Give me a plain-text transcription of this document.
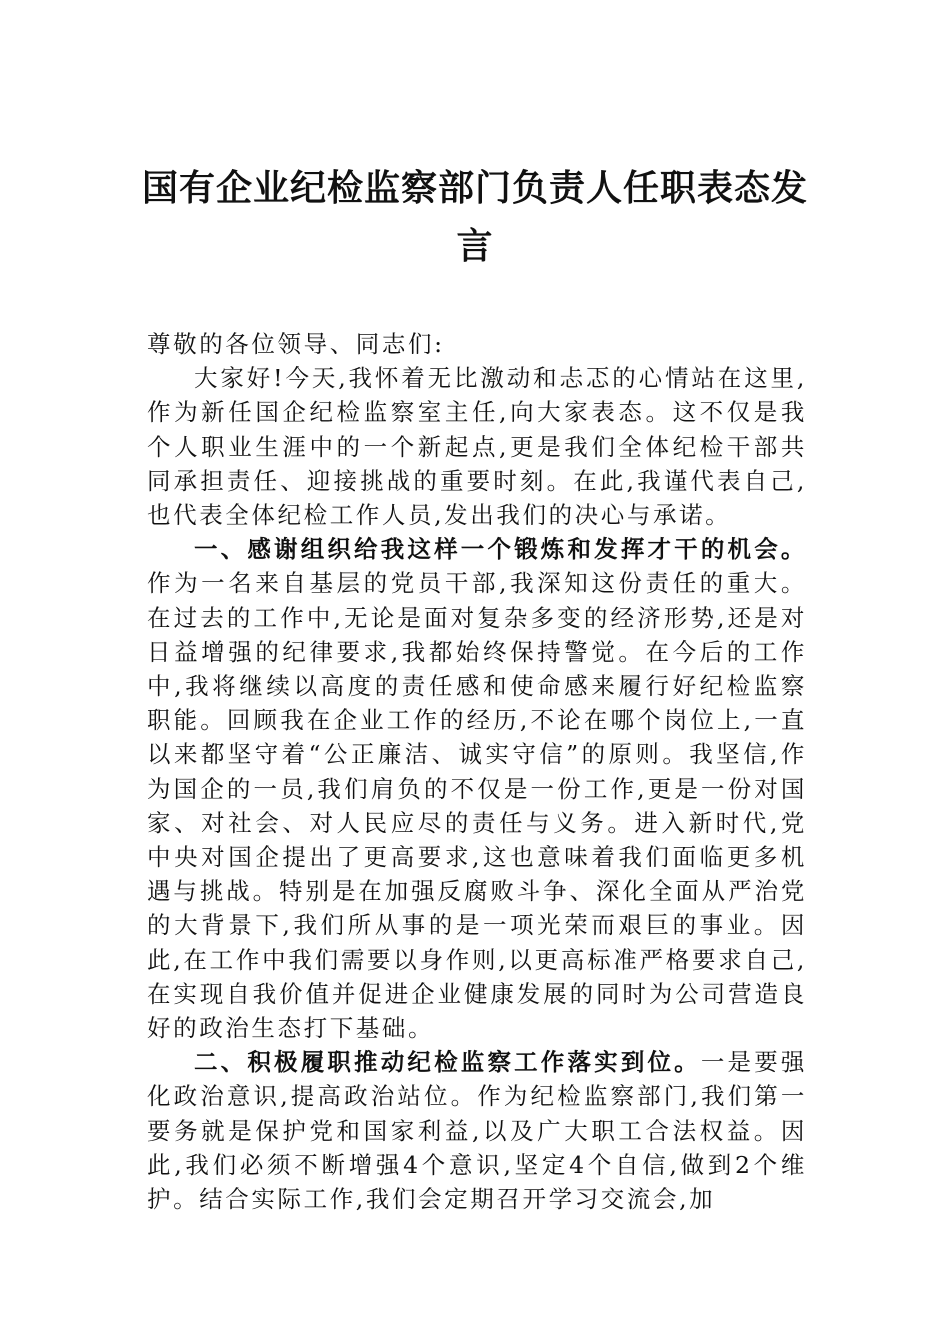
国有企业纪检监察部门负责人任职表态发言

尊敬的各位领导、同志们:

大家好!今天,我怀着无比激动和忐忑的心情站在这里,作为新任国企纪检监察室主任,向大家表态。这不仅是我个人职业生涯中的一个新起点,更是我们全体纪检干部共同承担责任、迎接挑战的重要时刻。在此,我谨代表自己,也代表全体纪检工作人员,发出我们的决心与承诺。

一、感谢组织给我这样一个锻炼和发挥才干的机会。作为一名来自基层的党员干部,我深知这份责任的重大。在过去的工作中,无论是面对复杂多变的经济形势,还是对日益增强的纪律要求,我都始终保持警觉。在今后的工作中,我将继续以高度的责任感和使命感来履行好纪检监察职能。回顾我在企业工作的经历,不论在哪个岗位上,一直以来都坚守着“公正廉洁、诚实守信”的原则。我坚信,作为国企的一员,我们肩负的不仅是一份工作,更是一份对国家、对社会、对人民应尽的责任与义务。进入新时代,党中央对国企提出了更高要求,这也意味着我们面临更多机遇与挑战。特别是在加强反腐败斗争、深化全面从严治党的大背景下,我们所从事的是一项光荣而艰巨的事业。因此,在工作中我们需要以身作则,以更高标准严格要求自己,在实现自我价值并促进企业健康发展的同时为公司营造良好的政治生态打下基础。

二、积极履职推动纪检监察工作落实到位。一是要强化政治意识,提高政治站位。作为纪检监察部门,我们第一要务就是保护党和国家利益,以及广大职工合法权益。因此,我们必须不断增强4个意识,坚定4个自信,做到2个维护。结合实际工作,我们会定期召开学习交流会,加
